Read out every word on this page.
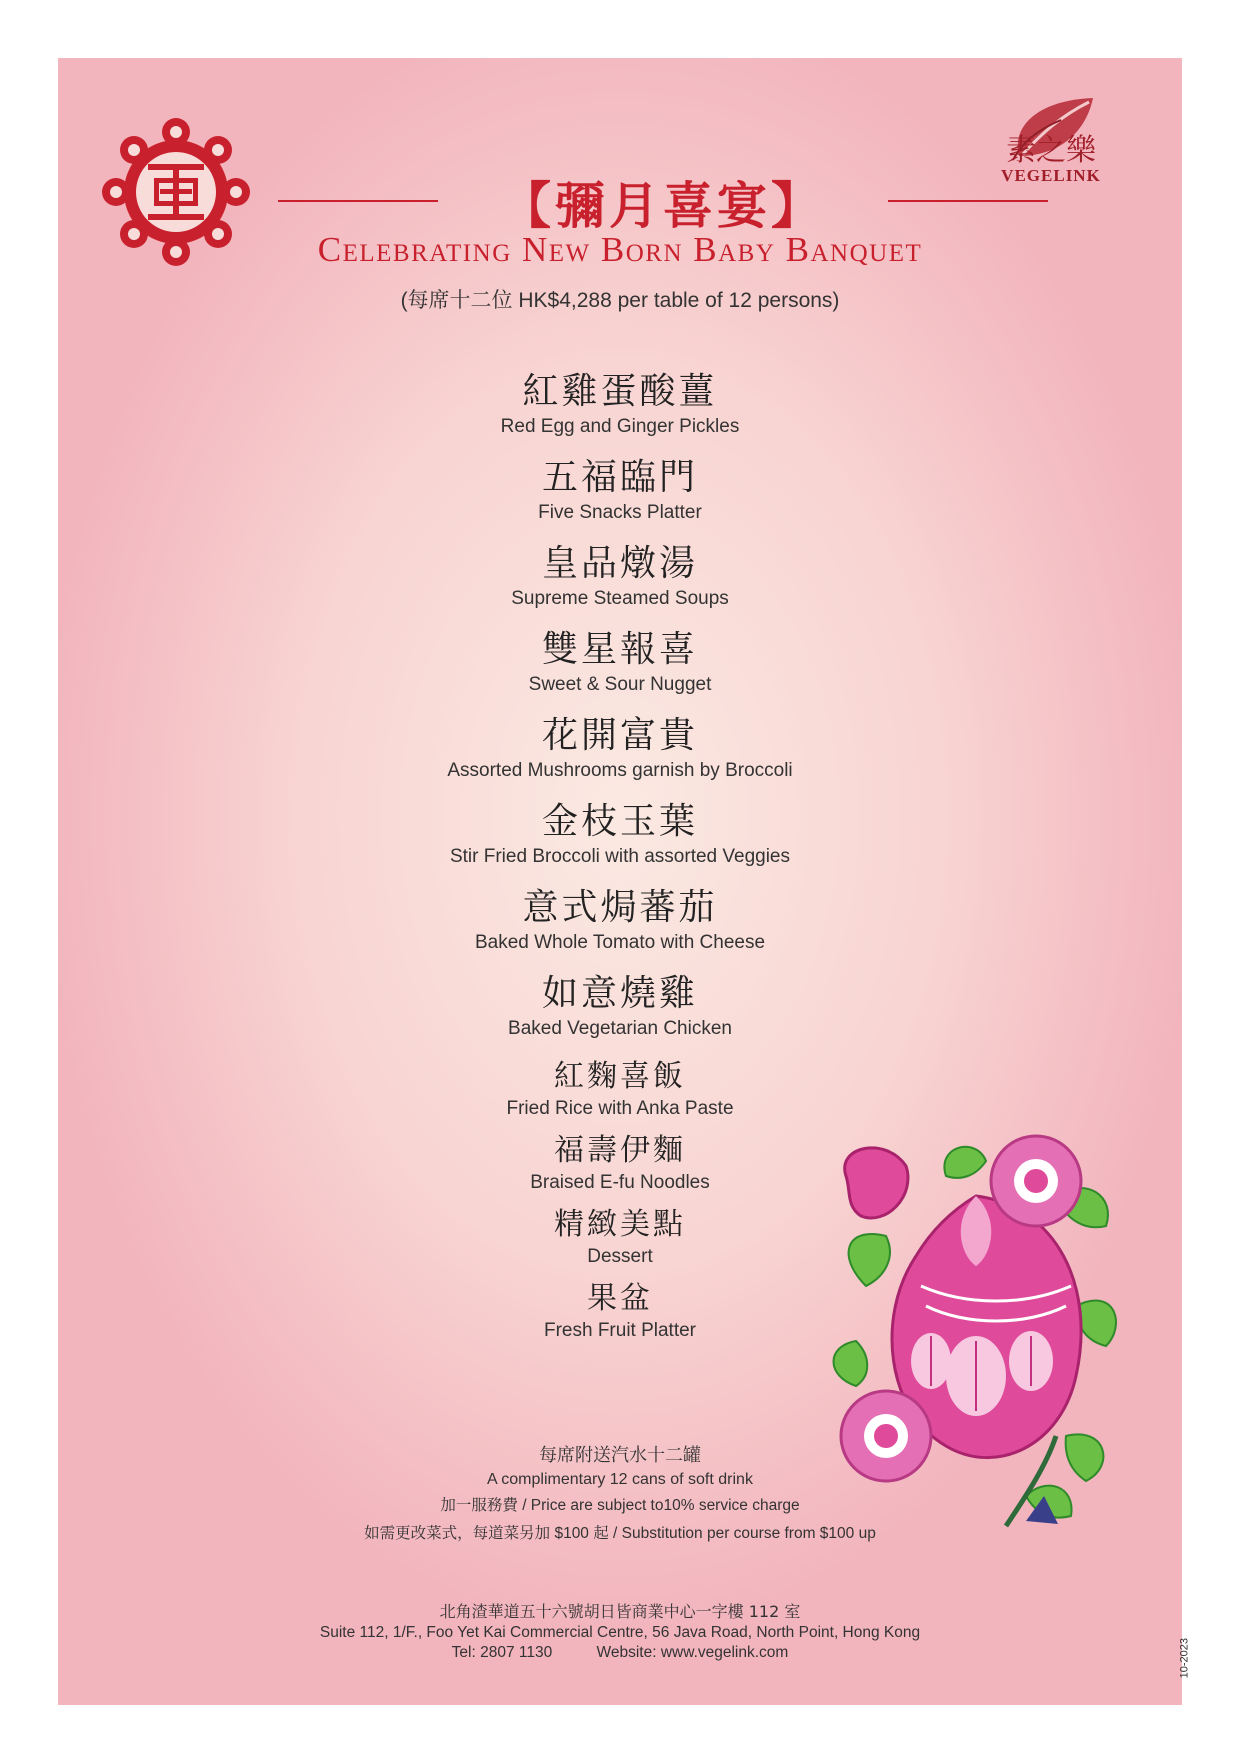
素之樂
VEGELINK
【彌月喜宴】
Celebrating New Born Baby Banquet
(每席十二位 HK$4,288 per table of 12 persons)
紅雞蛋酸薑
Red Egg and Ginger Pickles
五福臨門
Five Snacks Platter
皇品燉湯
Supreme Steamed Soups
雙星報喜
Sweet & Sour Nugget
花開富貴
Assorted Mushrooms garnish by Broccoli
金枝玉葉
Stir Fried Broccoli with assorted Veggies
意式焗蕃茄
Baked Whole Tomato with Cheese
如意燒雞
Baked Vegetarian Chicken
紅麴喜飯
Fried Rice with Anka Paste
福壽伊麵
Braised E-fu Noodles
精緻美點
Dessert
果盆
Fresh Fruit Platter
每席附送汽水十二罐
A complimentary 12 cans of soft drink
加一服務費 / Price are subject to10% service charge
如需更改菜式，每道菜另加 $100 起 / Substitution per course from $100 up
北角渣華道五十六號胡日皆商業中心一字樓 112 室
Suite 112, 1/F., Foo Yet Kai Commercial Centre, 56 Java Road, North Point, Hong Kong
Tel: 2807 1130	Website: www.vegelink.com	10-2023
